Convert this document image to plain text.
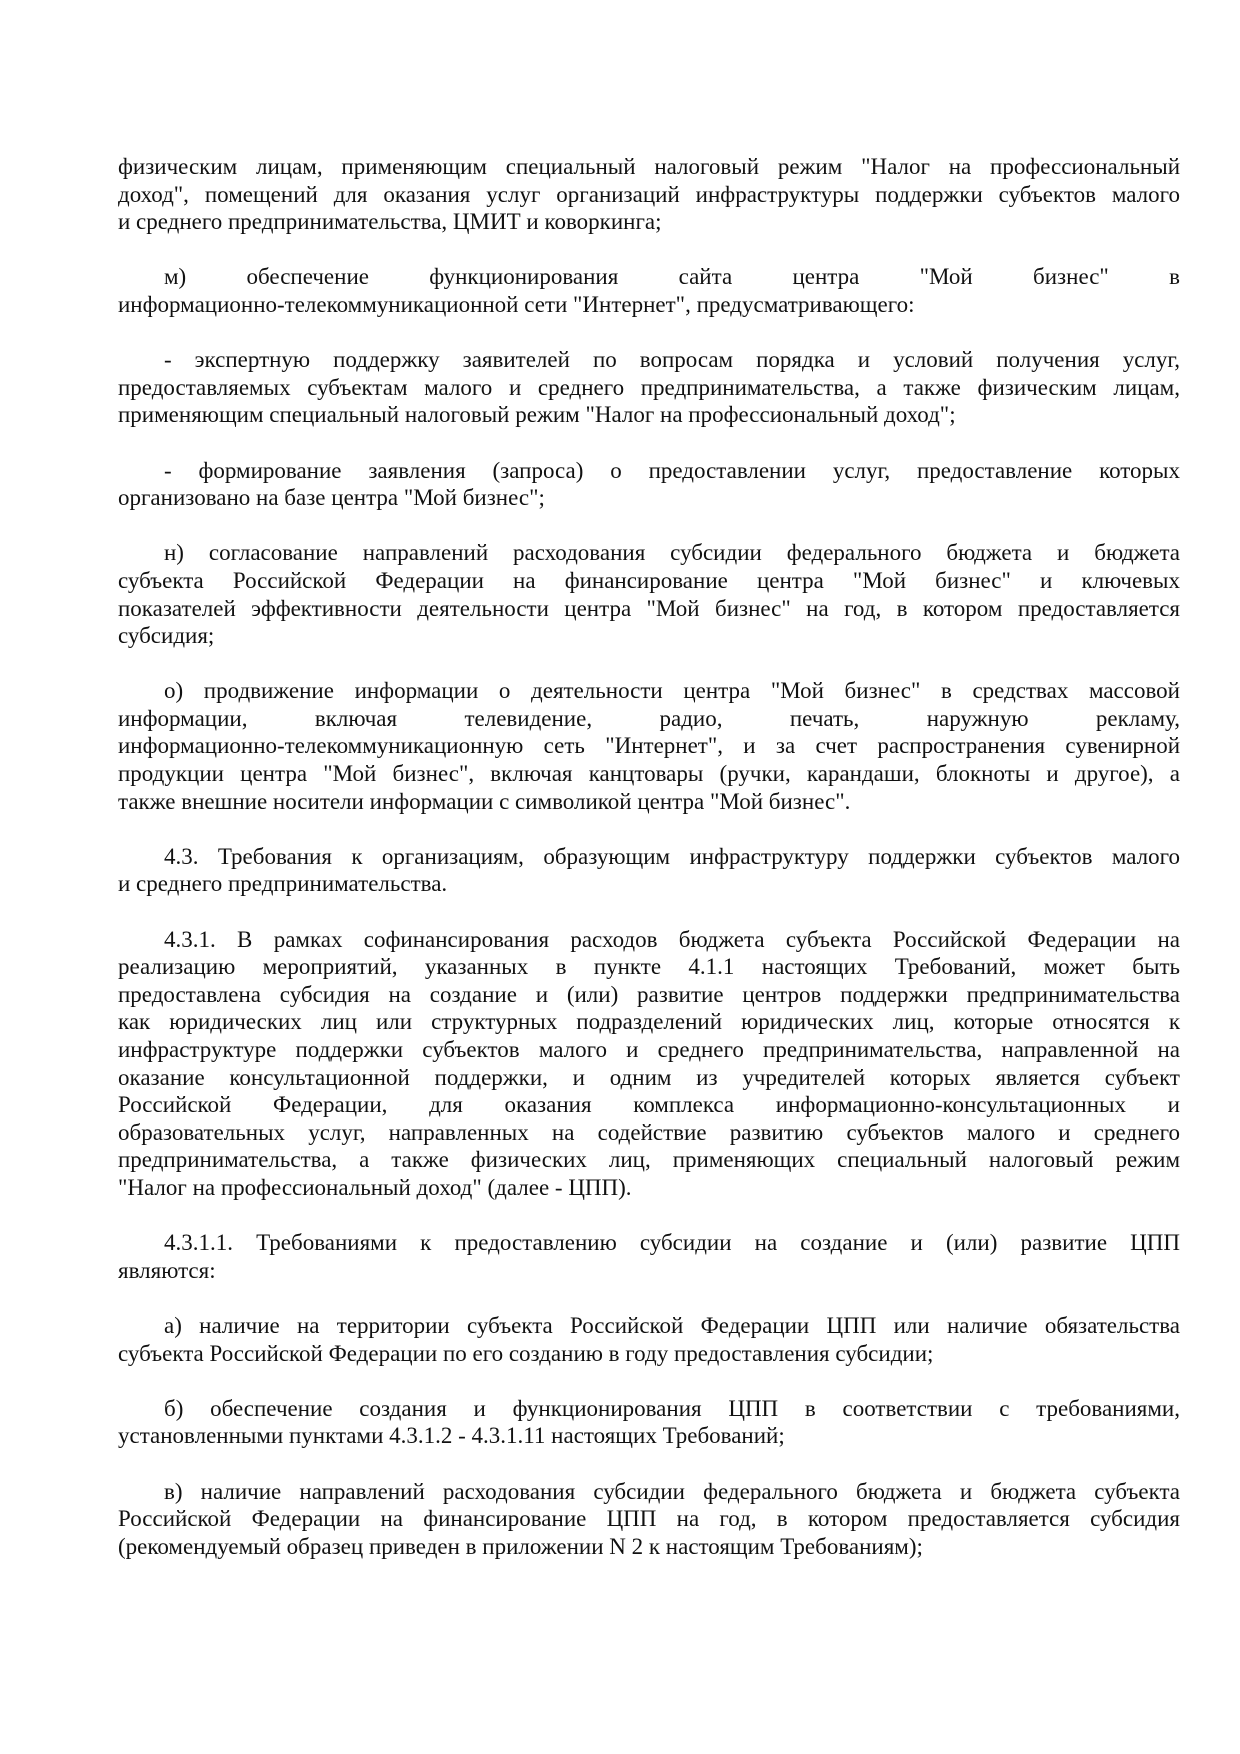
физическим лицам, применяющим специальный налоговый режим "Налог на профессиональный
доход", помещений для оказания услуг организаций инфраструктуры поддержки субъектов малого
и среднего предпринимательства, ЦМИТ и коворкинга;
м) обеспечение функционирования сайта центра "Мой бизнес" в
информационно-телекоммуникационной сети "Интернет", предусматривающего:
- экспертную поддержку заявителей по вопросам порядка и условий получения услуг,
предоставляемых субъектам малого и среднего предпринимательства, а также физическим лицам,
применяющим специальный налоговый режим "Налог на профессиональный доход";
- формирование заявления (запроса) о предоставлении услуг, предоставление которых
организовано на базе центра "Мой бизнес";
н) согласование направлений расходования субсидии федерального бюджета и бюджета
субъекта Российской Федерации на финансирование центра "Мой бизнес" и ключевых
показателей эффективности деятельности центра "Мой бизнес" на год, в котором предоставляется
субсидия;
о) продвижение информации о деятельности центра "Мой бизнес" в средствах массовой
информации, включая телевидение, радио, печать, наружную рекламу,
информационно-телекоммуникационную сеть "Интернет", и за счет распространения сувенирной
продукции центра "Мой бизнес", включая канцтовары (ручки, карандаши, блокноты и другое), а
также внешние носители информации с символикой центра "Мой бизнес".
4.3. Требования к организациям, образующим инфраструктуру поддержки субъектов малого
и среднего предпринимательства.
4.3.1. В рамках софинансирования расходов бюджета субъекта Российской Федерации на
реализацию мероприятий, указанных в пункте 4.1.1 настоящих Требований, может быть
предоставлена субсидия на создание и (или) развитие центров поддержки предпринимательства
как юридических лиц или структурных подразделений юридических лиц, которые относятся к
инфраструктуре поддержки субъектов малого и среднего предпринимательства, направленной на
оказание консультационной поддержки, и одним из учредителей которых является субъект
Российской Федерации, для оказания комплекса информационно-консультационных и
образовательных услуг, направленных на содействие развитию субъектов малого и среднего
предпринимательства, а также физических лиц, применяющих специальный налоговый режим
"Налог на профессиональный доход" (далее - ЦПП).
4.3.1.1. Требованиями к предоставлению субсидии на создание и (или) развитие ЦПП
являются:
а) наличие на территории субъекта Российской Федерации ЦПП или наличие обязательства
субъекта Российской Федерации по его созданию в году предоставления субсидии;
б) обеспечение создания и функционирования ЦПП в соответствии с требованиями,
установленными пунктами 4.3.1.2 - 4.3.1.11 настоящих Требований;
в) наличие направлений расходования субсидии федерального бюджета и бюджета субъекта
Российской Федерации на финансирование ЦПП на год, в котором предоставляется субсидия
(рекомендуемый образец приведен в приложении N 2 к настоящим Требованиям);
